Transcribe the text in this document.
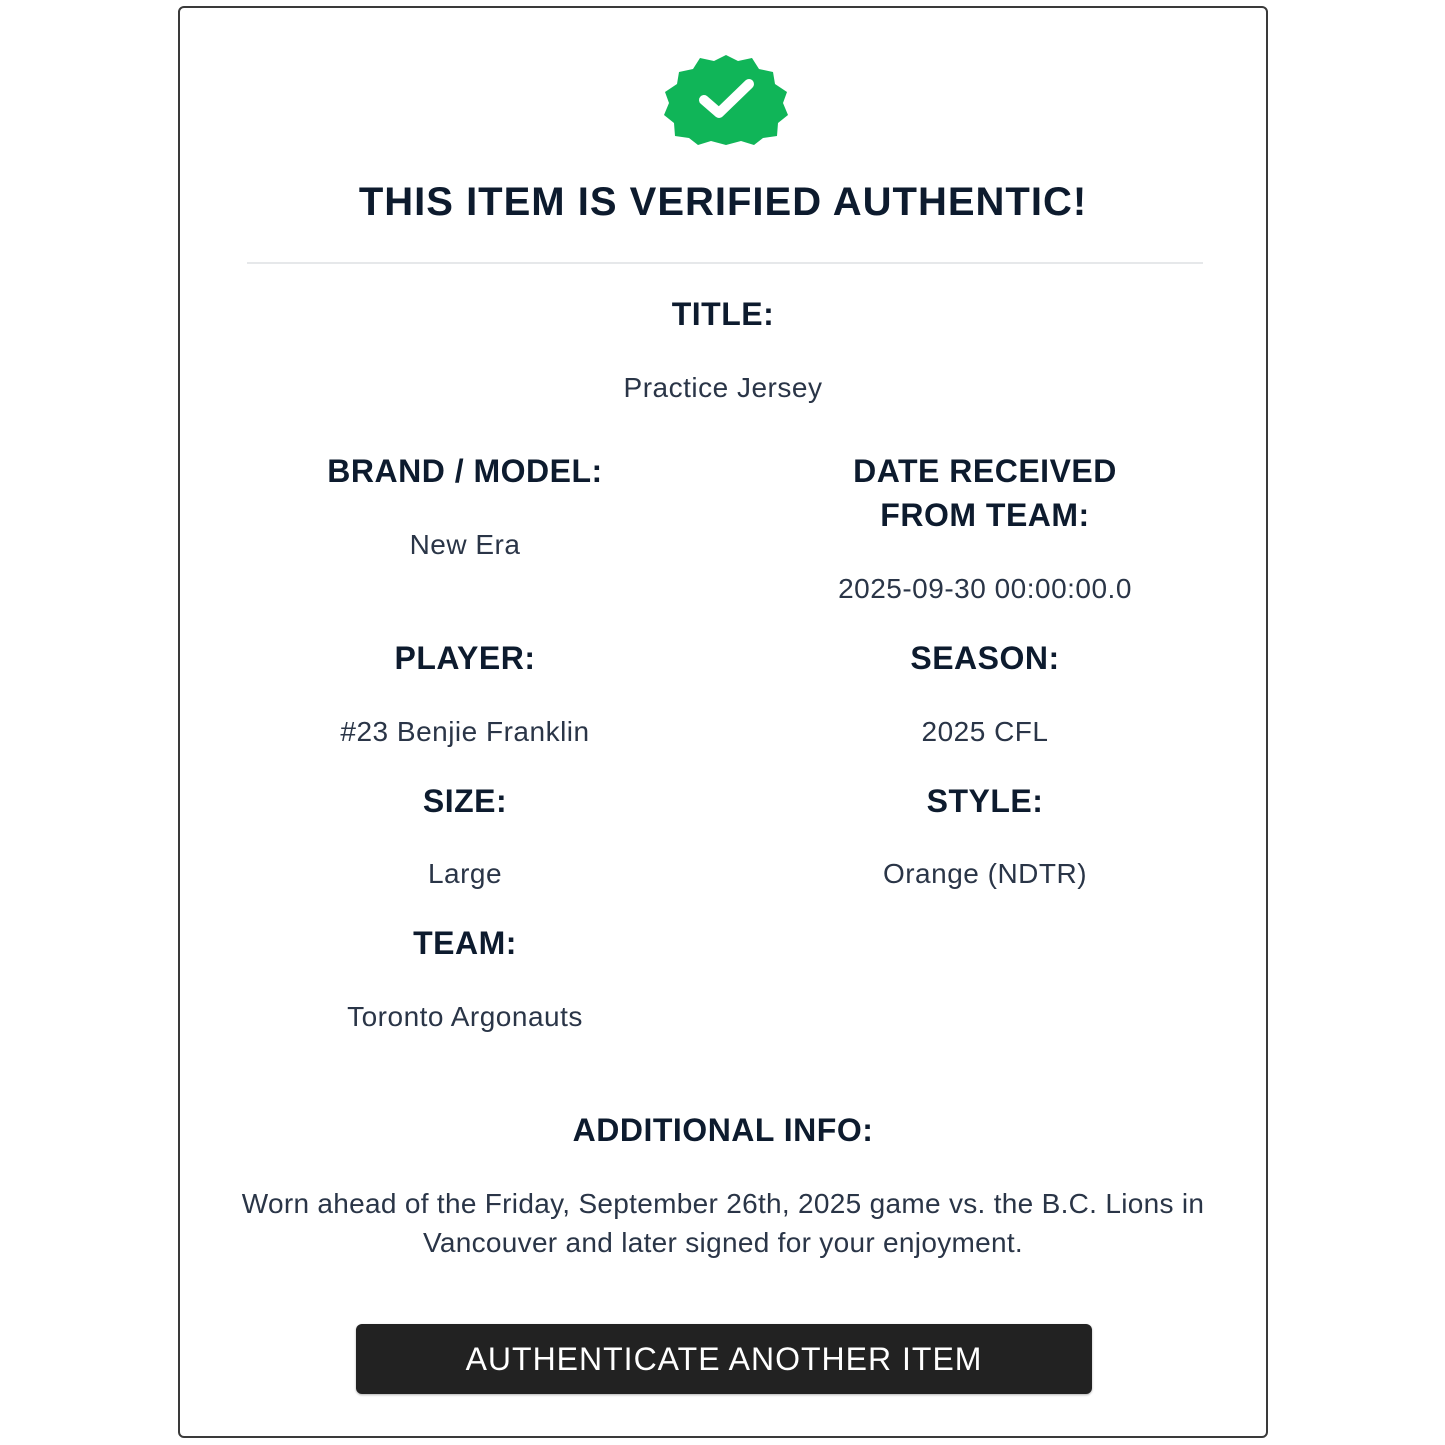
THIS ITEM IS VERIFIED AUTHENTIC!
TITLE:
Practice Jersey
BRAND / MODEL:
New Era
DATE RECEIVED
FROM TEAM:
2025-09-30 00:00:00.0
PLAYER:
#23 Benjie Franklin
SEASON:
2025 CFL
SIZE:
Large
STYLE:
Orange (NDTR)
TEAM:
Toronto Argonauts
ADDITIONAL INFO:
Worn ahead of the Friday, September 26th, 2025 game vs. the B.C. Lions in Vancouver and later signed for your enjoyment.
AUTHENTICATE ANOTHER ITEM
